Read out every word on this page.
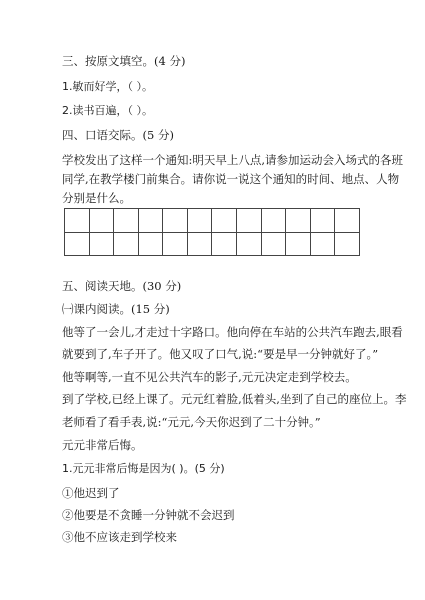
三、按原文填空。(4 分)
1.敏而好学，（ ）。
2.读书百遍，（ ）。
四、口语交际。(5 分)
学校发出了这样一个通知:明天早上八点,请参加运动会入场式的各班
同学,在教学楼门前集合。请你说一说这个通知的时间、地点、人物
分别是什么。

五、阅读天地。(30 分)
㈠课内阅读。(15 分)
他等了一会儿,才走过十字路口。他向停在车站的公共汽车跑去,眼看
就要到了,车子开了。他又叹了口气,说:“要是早一分钟就好了。”
他等啊等,一直不见公共汽车的影子,元元决定走到学校去。
到了学校,已经上课了。元元红着脸,低着头,坐到了自己的座位上。李
老师看了看手表,说:“元元,今天你迟到了二十分钟。”
元元非常后悔。
1.元元非常后悔是因为( )。(5 分)
①他迟到了
②他要是不贪睡一分钟就不会迟到
③他不应该走到学校来
